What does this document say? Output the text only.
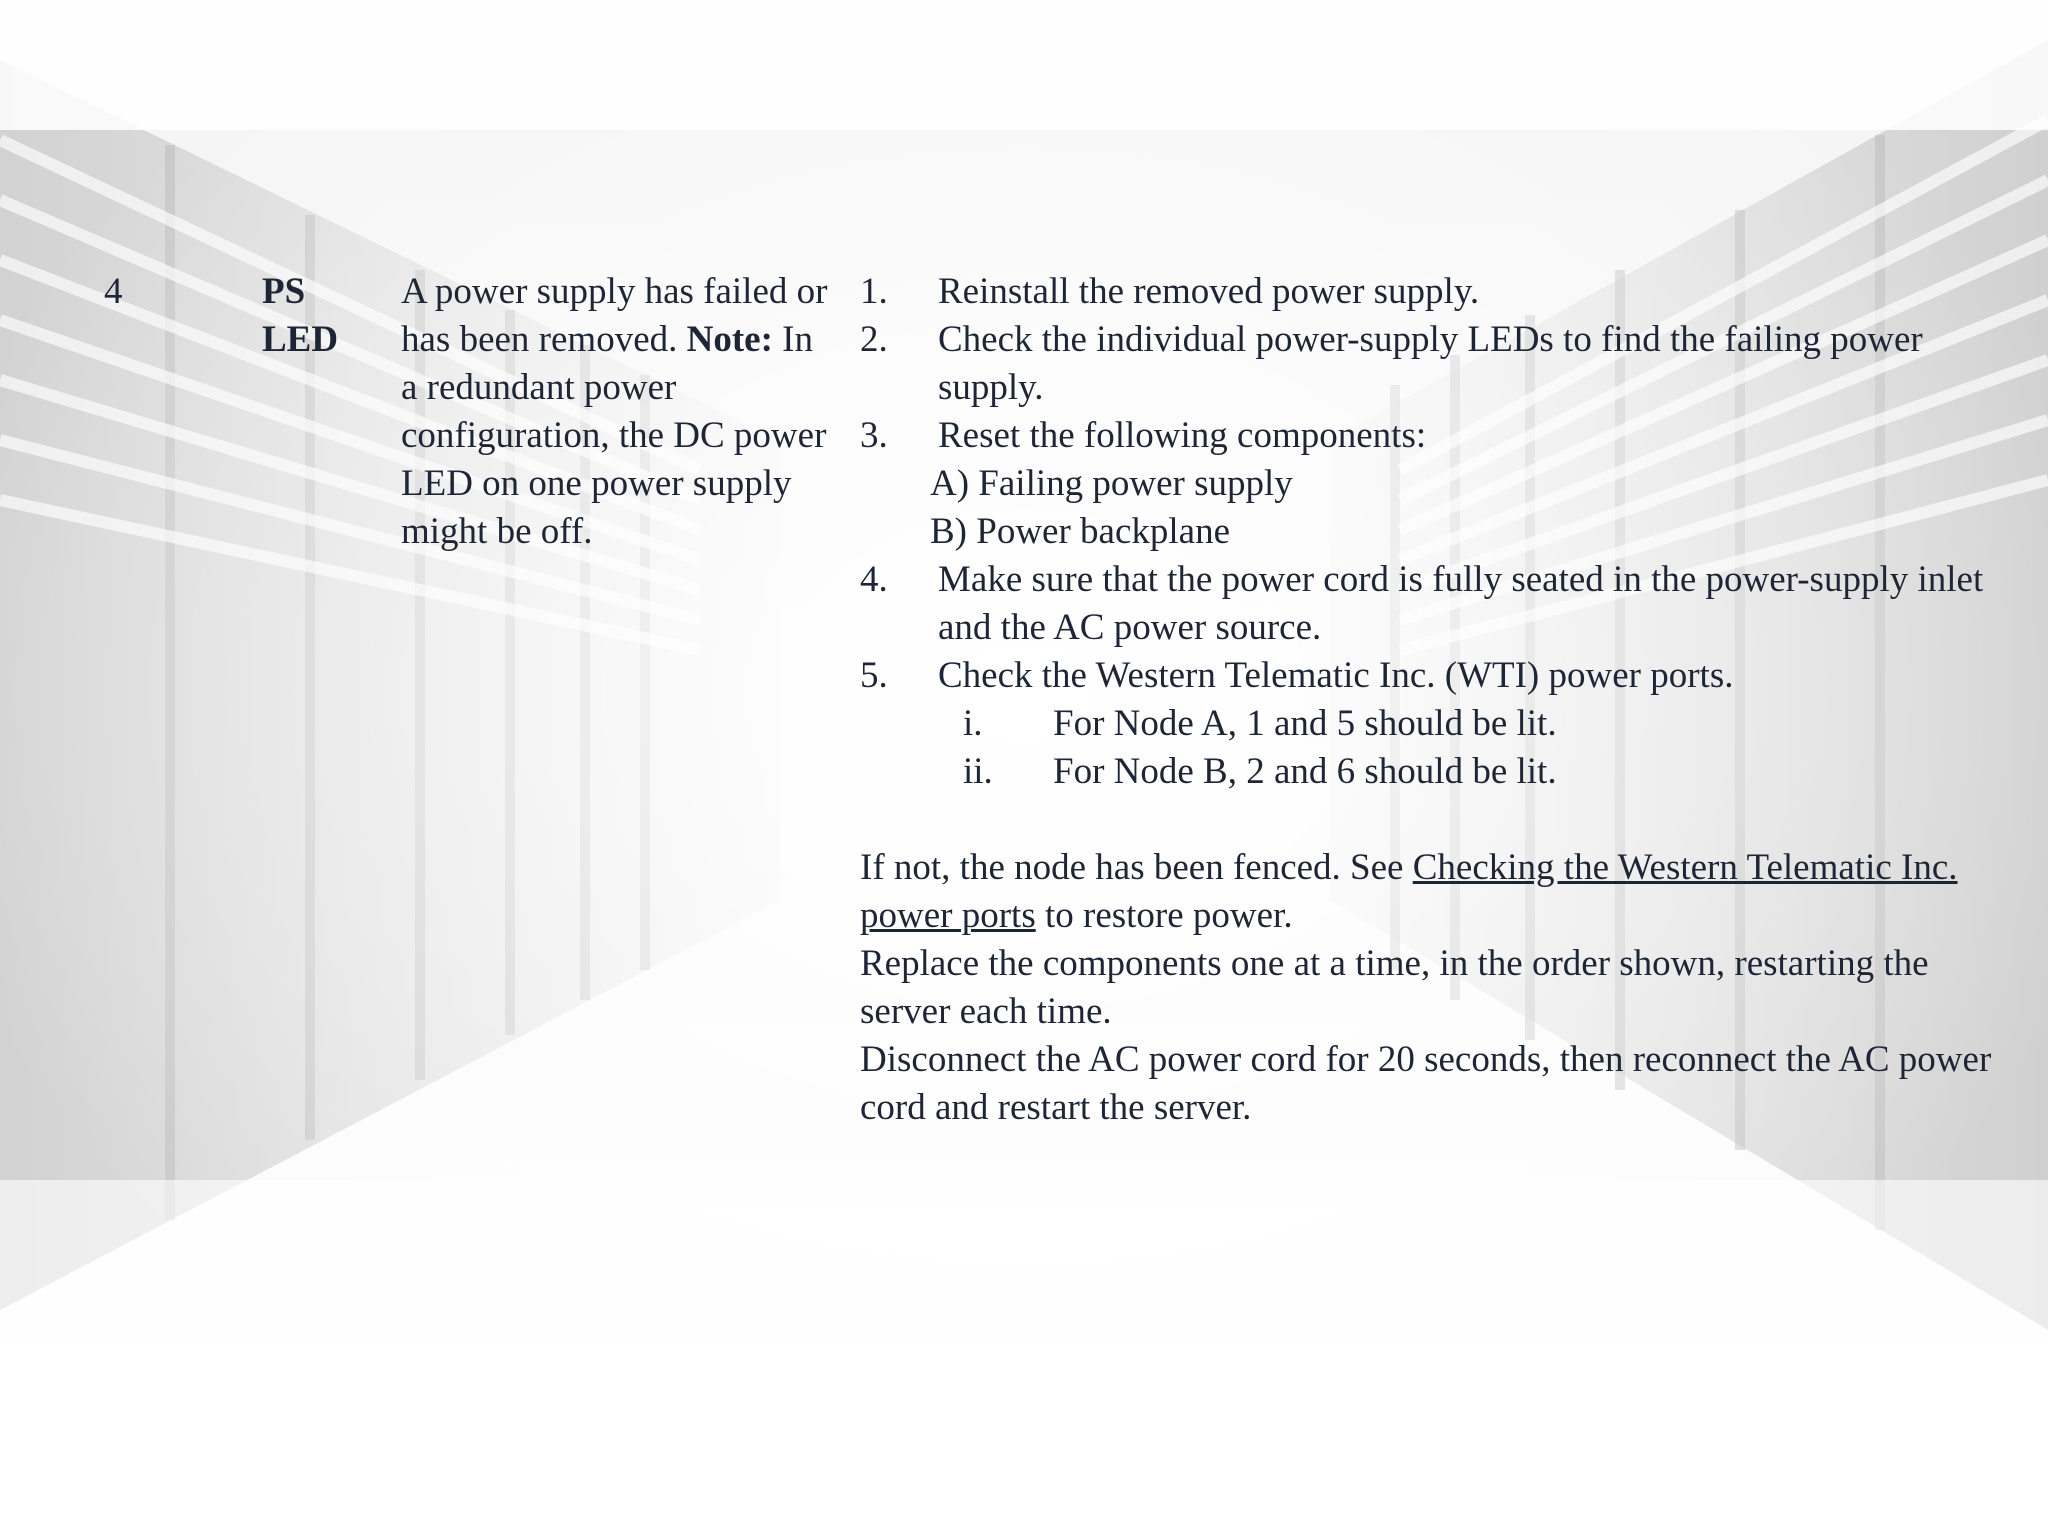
4	PS
LED
A power supply has failed or has been removed. Note: In a redundant power configuration, the DC power LED on one power supply might be off.
1. Reinstall the removed power supply.
2. Check the individual power-supply LEDs to find the failing power supply.
3. Reset the following components:
A) Failing power supply
B) Power backplane
4. Make sure that the power cord is fully seated in the power-supply inlet and the AC power source.
5. Check the Western Telematic Inc. (WTI) power ports.
i. For Node A, 1 and 5 should be lit.
ii. For Node B, 2 and 6 should be lit.
If not, the node has been fenced. See Checking the Western Telematic Inc. power ports to restore power.
Replace the components one at a time, in the order shown, restarting the server each time.
Disconnect the AC power cord for 20 seconds, then reconnect the AC power cord and restart the server.
